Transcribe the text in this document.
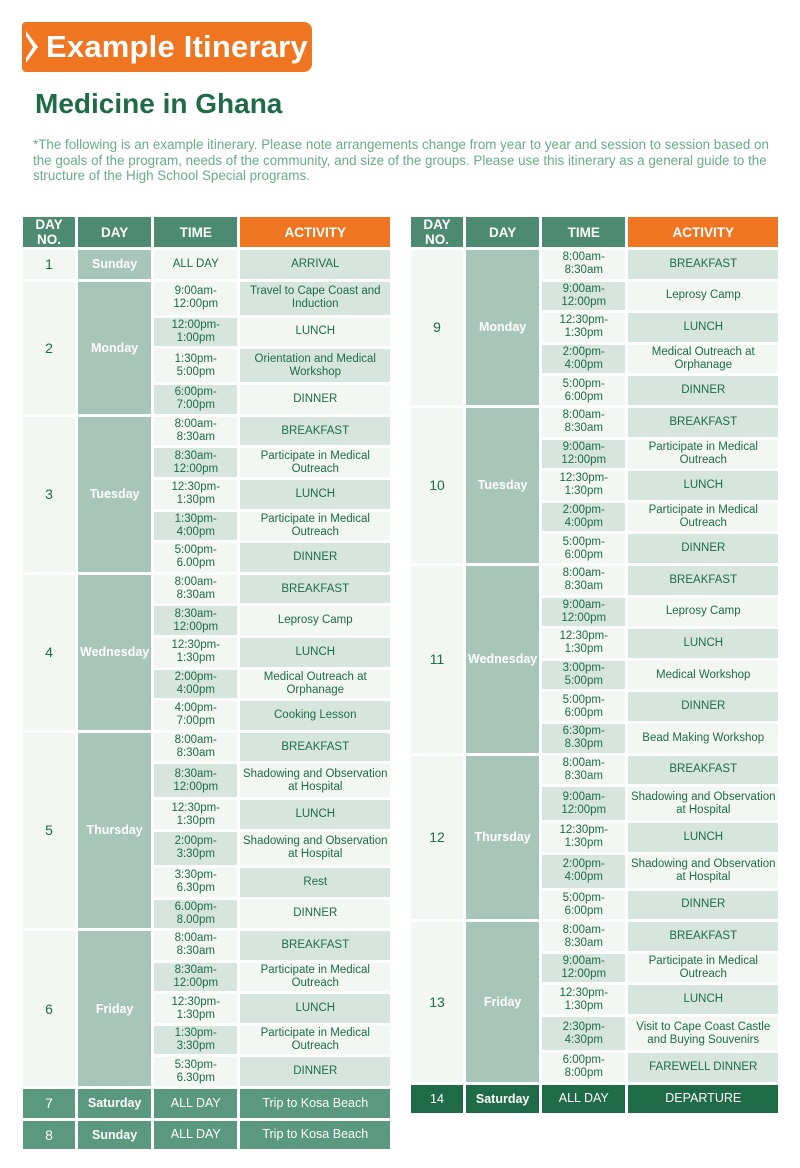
Example Itinerary
Medicine in Ghana
*The following is an example itinerary. Please note arrangements change from year to year and session to session based on the goals of the program, needs of the community, and size of the groups. Please use this itinerary as a general guide to the structure of the High School Special programs.
DAY NO.	DAY	TIME	ACTIVITY
1	Sunday	ALL DAY	ARRIVAL
2	Monday	9:00am-12:00pm	Travel to Cape Coast and Induction
		12:00pm-1:00pm	LUNCH
		1:30pm-5:00pm	Orientation and Medical Workshop
		6:00pm-7:00pm	DINNER
3	Tuesday	8:00am-8:30am	BREAKFAST
		8:30am-12:00pm	Participate in Medical Outreach
		12:30pm-1:30pm	LUNCH
		1:30pm-4:00pm	Participate in Medical Outreach
		5:00pm-6.00pm	DINNER
4	Wednesday	8:00am-8:30am	BREAKFAST
		8:30am-12:00pm	Leprosy Camp
		12:30pm-1:30pm	LUNCH
		2:00pm-4:00pm	Medical Outreach at Orphanage
		4:00pm-7:00pm	Cooking Lesson
5	Thursday	8:00am-8:30am	BREAKFAST
		8:30am-12:00pm	Shadowing and Observation at Hospital
		12:30pm-1:30pm	LUNCH
		2:00pm-3:30pm	Shadowing and Observation at Hospital
		3:30pm-6.30pm	Rest
		6.00pm-8.00pm	DINNER
6	Friday	8:00am-8:30am	BREAKFAST
		8:30am-12:00pm	Participate in Medical Outreach
		12:30pm-1:30pm	LUNCH
		1:30pm-3:30pm	Participate in Medical Outreach
		5:30pm-6.30pm	DINNER
7	Saturday	ALL DAY	Trip to Kosa Beach
8	Sunday	ALL DAY	Trip to Kosa Beach
DAY NO.	DAY	TIME	ACTIVITY
9	Monday	8:00am-8:30am	BREAKFAST
		9:00am-12:00pm	Leprosy Camp
		12:30pm-1:30pm	LUNCH
		2:00pm-4:00pm	Medical Outreach at Orphanage
		5:00pm-6:00pm	DINNER
10	Tuesday	8:00am-8:30am	BREAKFAST
		9:00am-12:00pm	Participate in Medical Outreach
		12:30pm-1:30pm	LUNCH
		2:00pm-4:00pm	Participate in Medical Outreach
		5:00pm-6:00pm	DINNER
11	Wednesday	8:00am-8:30am	BREAKFAST
		9:00am-12:00pm	Leprosy Camp
		12:30pm-1:30pm	LUNCH
		3:00pm-5:00pm	Medical Workshop
		5:00pm-6:00pm	DINNER
		6:30pm-8.30pm	Bead Making Workshop
12	Thursday	8:00am-8:30am	BREAKFAST
		9:00am-12:00pm	Shadowing and Observation at Hospital
		12:30pm-1:30pm	LUNCH
		2:00pm-4:00pm	Shadowing and Observation at Hospital
		5:00pm-6:00pm	DINNER
13	Friday	8:00am-8:30am	BREAKFAST
		9:00am-12:00pm	Participate in Medical Outreach
		12:30pm-1:30pm	LUNCH
		2:30pm-4:30pm	Visit to Cape Coast Castle and Buying Souvenirs
		6:00pm-8:00pm	FAREWELL DINNER
14	Saturday	ALL DAY	DEPARTURE
